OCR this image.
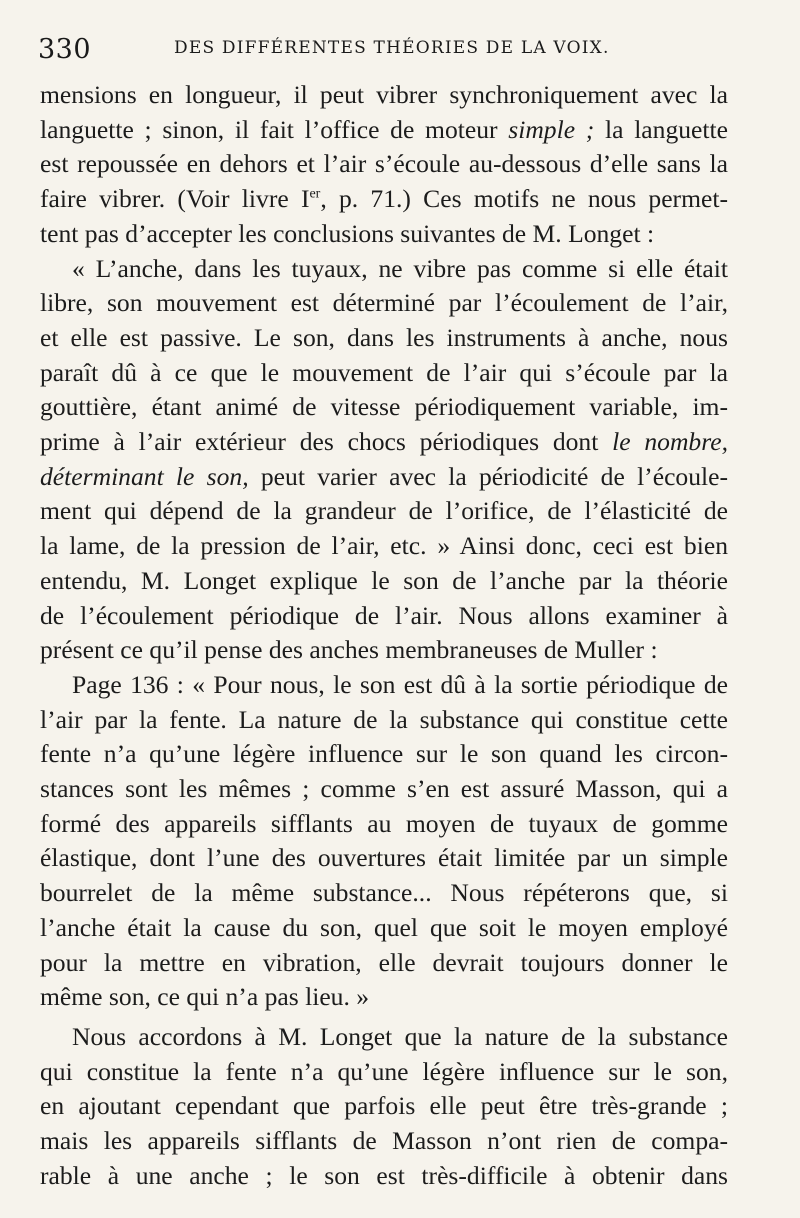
330	DES DIFFÉRENTES THÉORIES DE LA VOIX.
mensions en longueur, il peut vibrer synchroniquement avec la
languette ; sinon, il fait l’office de moteur simple ; la languette
est repoussée en dehors et l’air s’écoule au-dessous d’elle sans la
faire vibrer. (Voir livre Ier, p. 71.) Ces motifs ne nous permet-
tent pas d’accepter les conclusions suivantes de M. Longet :
« L’anche, dans les tuyaux, ne vibre pas comme si elle était
libre, son mouvement est déterminé par l’écoulement de l’air,
et elle est passive. Le son, dans les instruments à anche, nous
paraît dû à ce que le mouvement de l’air qui s’écoule par la
gouttière, étant animé de vitesse périodiquement variable, im-
prime à l’air extérieur des chocs périodiques dont le nombre,
déterminant le son, peut varier avec la périodicité de l’écoule-
ment qui dépend de la grandeur de l’orifice, de l’élasticité de
la lame, de la pression de l’air, etc. » Ainsi donc, ceci est bien
entendu, M. Longet explique le son de l’anche par la théorie
de l’écoulement périodique de l’air. Nous allons examiner à
présent ce qu’il pense des anches membraneuses de Muller :
Page 136 : « Pour nous, le son est dû à la sortie périodique de
l’air par la fente. La nature de la substance qui constitue cette
fente n’a qu’une légère influence sur le son quand les circon-
stances sont les mêmes ; comme s’en est assuré Masson, qui a
formé des appareils sifflants au moyen de tuyaux de gomme
élastique, dont l’une des ouvertures était limitée par un simple
bourrelet de la même substance... Nous répéterons que, si
l’anche était la cause du son, quel que soit le moyen employé
pour la mettre en vibration, elle devrait toujours donner le
même son, ce qui n’a pas lieu. »
Nous accordons à M. Longet que la nature de la substance
qui constitue la fente n’a qu’une légère influence sur le son,
en ajoutant cependant que parfois elle peut être très-grande ;
mais les appareils sifflants de Masson n’ont rien de compa-
rable à une anche ; le son est très-difficile à obtenir dans
